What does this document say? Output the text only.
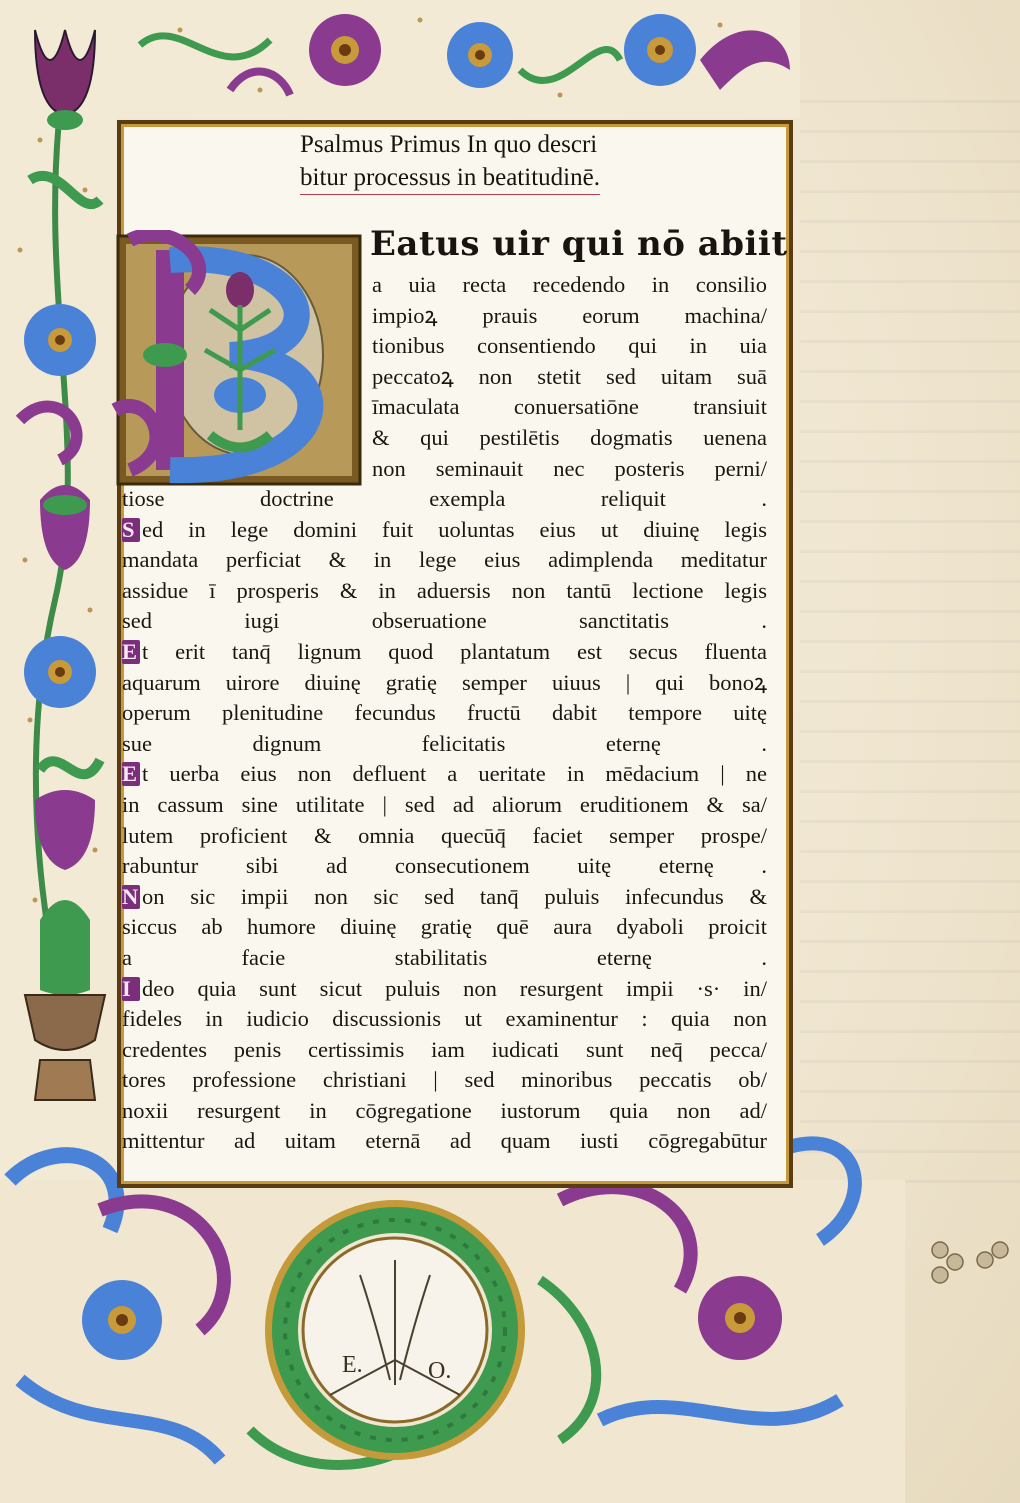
Psalmus Primus In quo descri
bitur processus in beatitudinē.
Eatus uir qui nō abiit
a uia recta recedendo in consilio
impioꝝ prauis eorum machina/
tionibus consentiendo qui in uia
peccatoꝝ non stetit sed uitam suā
īmaculata conuersatiōne transiuit
& qui pestilētis dogmatis uenena
non seminauit nec posteris perni/
tiose doctrine exempla reliquit .
S ed in lege domini fuit uoluntas eius ut diuinę legis
mandata perficiat & in lege eius adimplenda meditatur
assidue ī prosperis & in aduersis non tantū lectione legis
sed iugi obseruatione sanctitatis .
E t erit tanq̄ lignum quod plantatum est secus fluenta
aquarum uirore diuinę gratię semper uiuus | qui bonoꝝ
operum plenitudine fecundus fructū dabit tempore uitę
sue dignum felicitatis eternę .
E t uerba eius non defluent a ueritate in mēdacium | ne
in cassum sine utilitate | sed ad aliorum eruditionem & sa/
lutem proficient & omnia quecūq̄ faciet semper prospe/
rabuntur sibi ad consecutionem uitę eternę .
N on sic impii non sic sed tanq̄ puluis infecundus &
siccus ab humore diuinę gratię quē aura dyaboli proicit
a facie stabilitatis eternę .
I deo quia sunt sicut puluis non resurgent impii ·s· in/
fideles in iudicio discussionis ut examinentur : quia non
credentes penis certissimis iam iudicati sunt neq̄ pecca/
tores professione christiani | sed minoribus peccatis ob/
noxii resurgent in cōgregatione iustorum quia non ad/
mittentur ad uitam eternā ad quam iusti cōgregabūtur
E.	O.
